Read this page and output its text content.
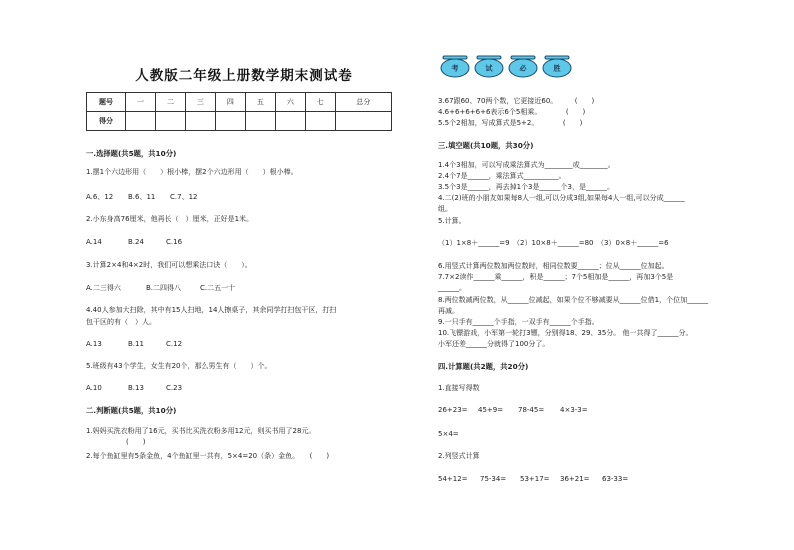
人教版二年级上册数学期末测试卷
题号	一	二	三	四	五	六	七	总分
得分								
一.选择题(共5题，共10分)
1.摆1个六边形用（　　）根小棒，摆2个六边形用（　　）根小棒。
A.6、12 B.6、11 C.7、12
2.小东身高76厘米，他再长（　）厘米，正好是1米。
A.14	B.24	C.16
3.计算2×4和4×2时，我们可以想乘法口诀（　　）。
A.二三得六	B.二四得八	C.二五一十
4.40人参加大扫除，其中有15人扫地，14人擦桌子，其余同学打扫包干区，打扫
包干区的有（　）人。
A.13	B.11	C.12
5.班级有43个学生，女生有20个，那么男生有（　　）个。
A.10	B.13	C.23
二.判断题(共5题，共10分)
1.妈妈买洗衣粉用了16元，买书比买洗衣粉多用12元，则买书用了28元。
(　　)
2.每个鱼缸里有5条金鱼，4个鱼缸里一共有，5×4=20（条）金鱼。　　(　　)
考	试	必	胜
3.67跟60、70两个数，它更接近60。　　　(　　)
4.6+6+6+6+6表示6个5相乘。　　　　(　　)
5.5个2相加，写成算式是5+2。　　　　(　　)
三.填空题(共10题，共30分)
1.4个3相加，可以写成乘法算式为________或________。
2.4个7是______，乘法算式__________。
3.5个3是______，再去掉1个3是______个3，是______。
4.二(2)班的小朋友如果每8人一组,可以分成3组,如果每4人一组,可以分成______
组。
5.计算。
（1）1×8＋______=9　（2）10×8＋______=80　（3）0×8＋______=6
6.用竖式计算两位数加两位数时，相同位数要______；位从______位加起。
7.7×2读作______乘______，积是______；7个5相加是______，再加3个5是
______。
8.两位数减两位数，从______位减起，如果个位不够减要从______位借1，个位加______
再减。
9.一只手有______个手指，一双手有______个手指。
10.飞镖游戏，小军第一轮打3镖，分别得18、29、35分。 他一共得了______分。
小军还差______分就得了100分了。
四.计算题(共2题，共20分)
1.直接写得数
26+23= 45+9= 78-45= 4×3-3=
5×4=
2.列竖式计算
54+12= 75-34= 53+17= 36+21= 63-33=
